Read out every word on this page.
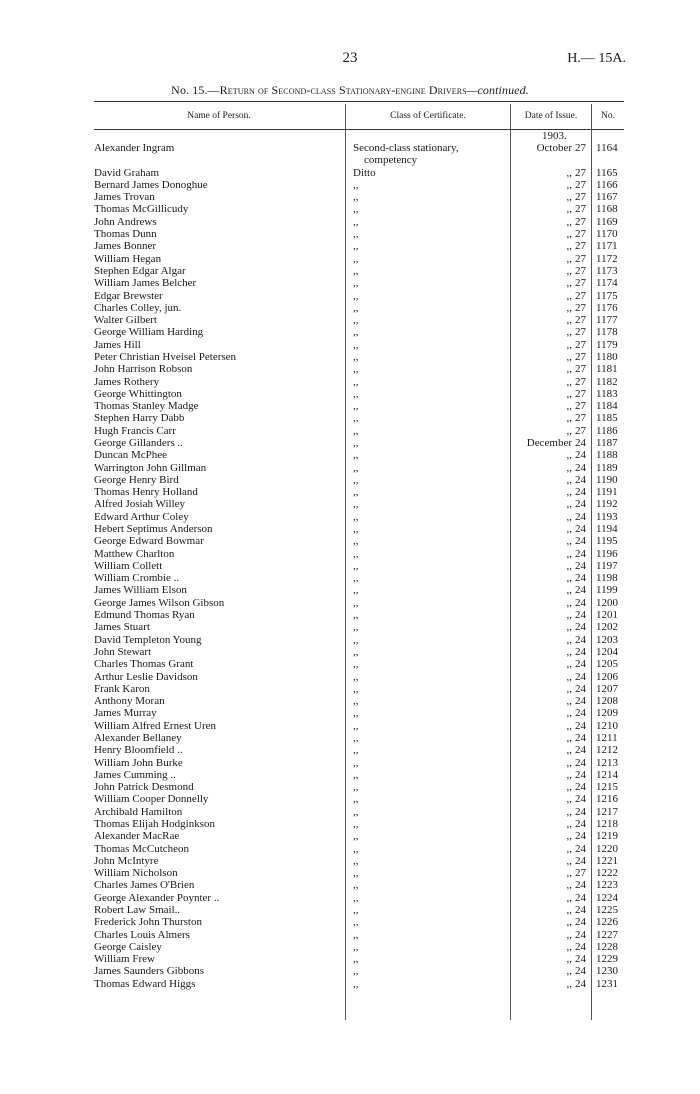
23	H.— 15A.
No. 15.—Return of Second-class Stationary-engine Drivers—continued.
Name of Person.	Class of Certificate.	Date of Issue.	No.
1903.
Alexander Ingram	Second-class stationary,	October 27 1164
competency
David Graham	Ditto	,, 27 1165
Bernard James Donoghue	,,	,, 27 1166
James Trovan	,,	,, 27 1167
Thomas McGillicudy	,,	,, 27 1168
John Andrews	,,	,, 27 1169
Thomas Dunn	,,	,, 27 1170
James Bonner	,,	,, 27 1171
William Hegan	,,	,, 27 1172
Stephen Edgar Algar	,,	,, 27 1173
William James Belcher	,,	,, 27 1174
Edgar Brewster	,,	,, 27 1175
Charles Colley, jun.	,,	,, 27 1176
Walter Gilbert	,,	,, 27 1177
George William Harding	,,	,, 27 1178
James Hill	,,	,, 27 1179
Peter Christian Hveisel Petersen	,,	,, 27 1180
John Harrison Robson	,,	,, 27 1181
James Rothery	,,	,, 27 1182
George Whittington	,,	,, 27 1183
Thomas Stanley Madge	,,	,, 27 1184
Stephen Harry Dabb	,,	,, 27 1185
Hugh Francis Carr	,,	,, 27 1186
George Gillanders ..	,,	December 24 1187
Duncan McPhee	,,	,, 24 1188
Warrington John Gillman	,,	,, 24 1189
George Henry Bird	,,	,, 24 1190
Thomas Henry Holland	,,	,, 24 1191
Alfred Josiah Willey	,,	,, 24 1192
Edward Arthur Coley	,,	,, 24 1193
Hebert Septimus Anderson	,,	,, 24 1194
George Edward Bowmar	,,	,, 24 1195
Matthew Charlton	,,	,, 24 1196
William Collett	,,	,, 24 1197
William Crombie ..	,,	,, 24 1198
James William Elson	,,	,, 24 1199
George James Wilson Gibson	,,	,, 24 1200
Edmund Thomas Ryan	,,	,, 24 1201
James Stuart	,,	,, 24 1202
David Templeton Young	,,	,, 24 1203
John Stewart	,,	,, 24 1204
Charles Thomas Grant	,,	,, 24 1205
Arthur Leslie Davidson	,,	,, 24 1206
Frank Karon	,,	,, 24 1207
Anthony Moran	,,	,, 24 1208
James Murray	,,	,, 24 1209
William Alfred Ernest Uren	,,	,, 24 1210
Alexander Bellaney	,,	,, 24 1211
Henry Bloomfield ..	,,	,, 24 1212
William John Burke	,,	,, 24 1213
James Cumming ..	,,	,, 24 1214
John Patrick Desmond	,,	,, 24 1215
William Cooper Donnelly	,,	,, 24 1216
Archibald Hamilton	,,	,, 24 1217
Thomas Elijah Hodginkson	,,	,, 24 1218
Alexander MacRae	,,	,, 24 1219
Thomas McCutcheon	,,	,, 24 1220
John McIntyre	,,	,, 24 1221
William Nicholson	,,	,, 27 1222
Charles James O'Brien	,,	,, 24 1223
George Alexander Poynter ..	,,	,, 24 1224
Robert Law Smail..	,,	,, 24 1225
Frederick John Thurston	,,	,, 24 1226
Charles Louis Almers	,,	,, 24 1227
George Caisley	,,	,, 24 1228
William Frew	,,	,, 24 1229
James Saunders Gibbons	,,	,, 24 1230
Thomas Edward Higgs	,,	,, 24 1231
